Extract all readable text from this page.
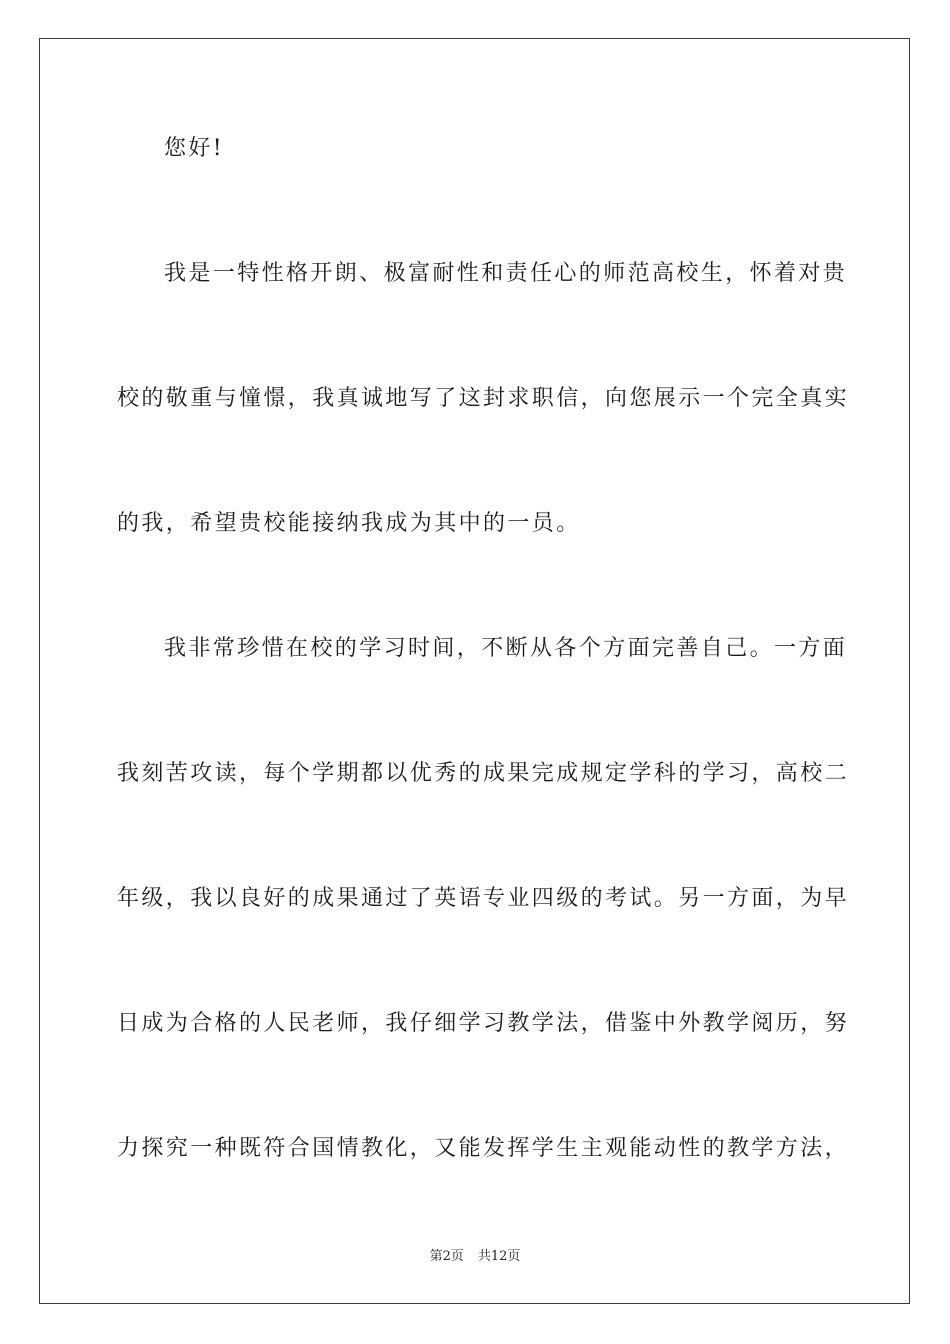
您好!
我是一特性格开朗、极富耐性和责任心的师范高校生，怀着对贵
校的敬重与憧憬，我真诚地写了这封求职信，向您展示一个完全真实
的我，希望贵校能接纳我成为其中的一员。
我非常珍惜在校的学习时间，不断从各个方面完善自己。一方面
我刻苦攻读，每个学期都以优秀的成果完成规定学科的学习，高校二
年级，我以良好的成果通过了英语专业四级的考试。另一方面，为早
日成为合格的人民老师，我仔细学习教学法，借鉴中外教学阅历，努
力探究一种既符合国情教化，又能发挥学生主观能动性的教学方法，
第2页 共12页
